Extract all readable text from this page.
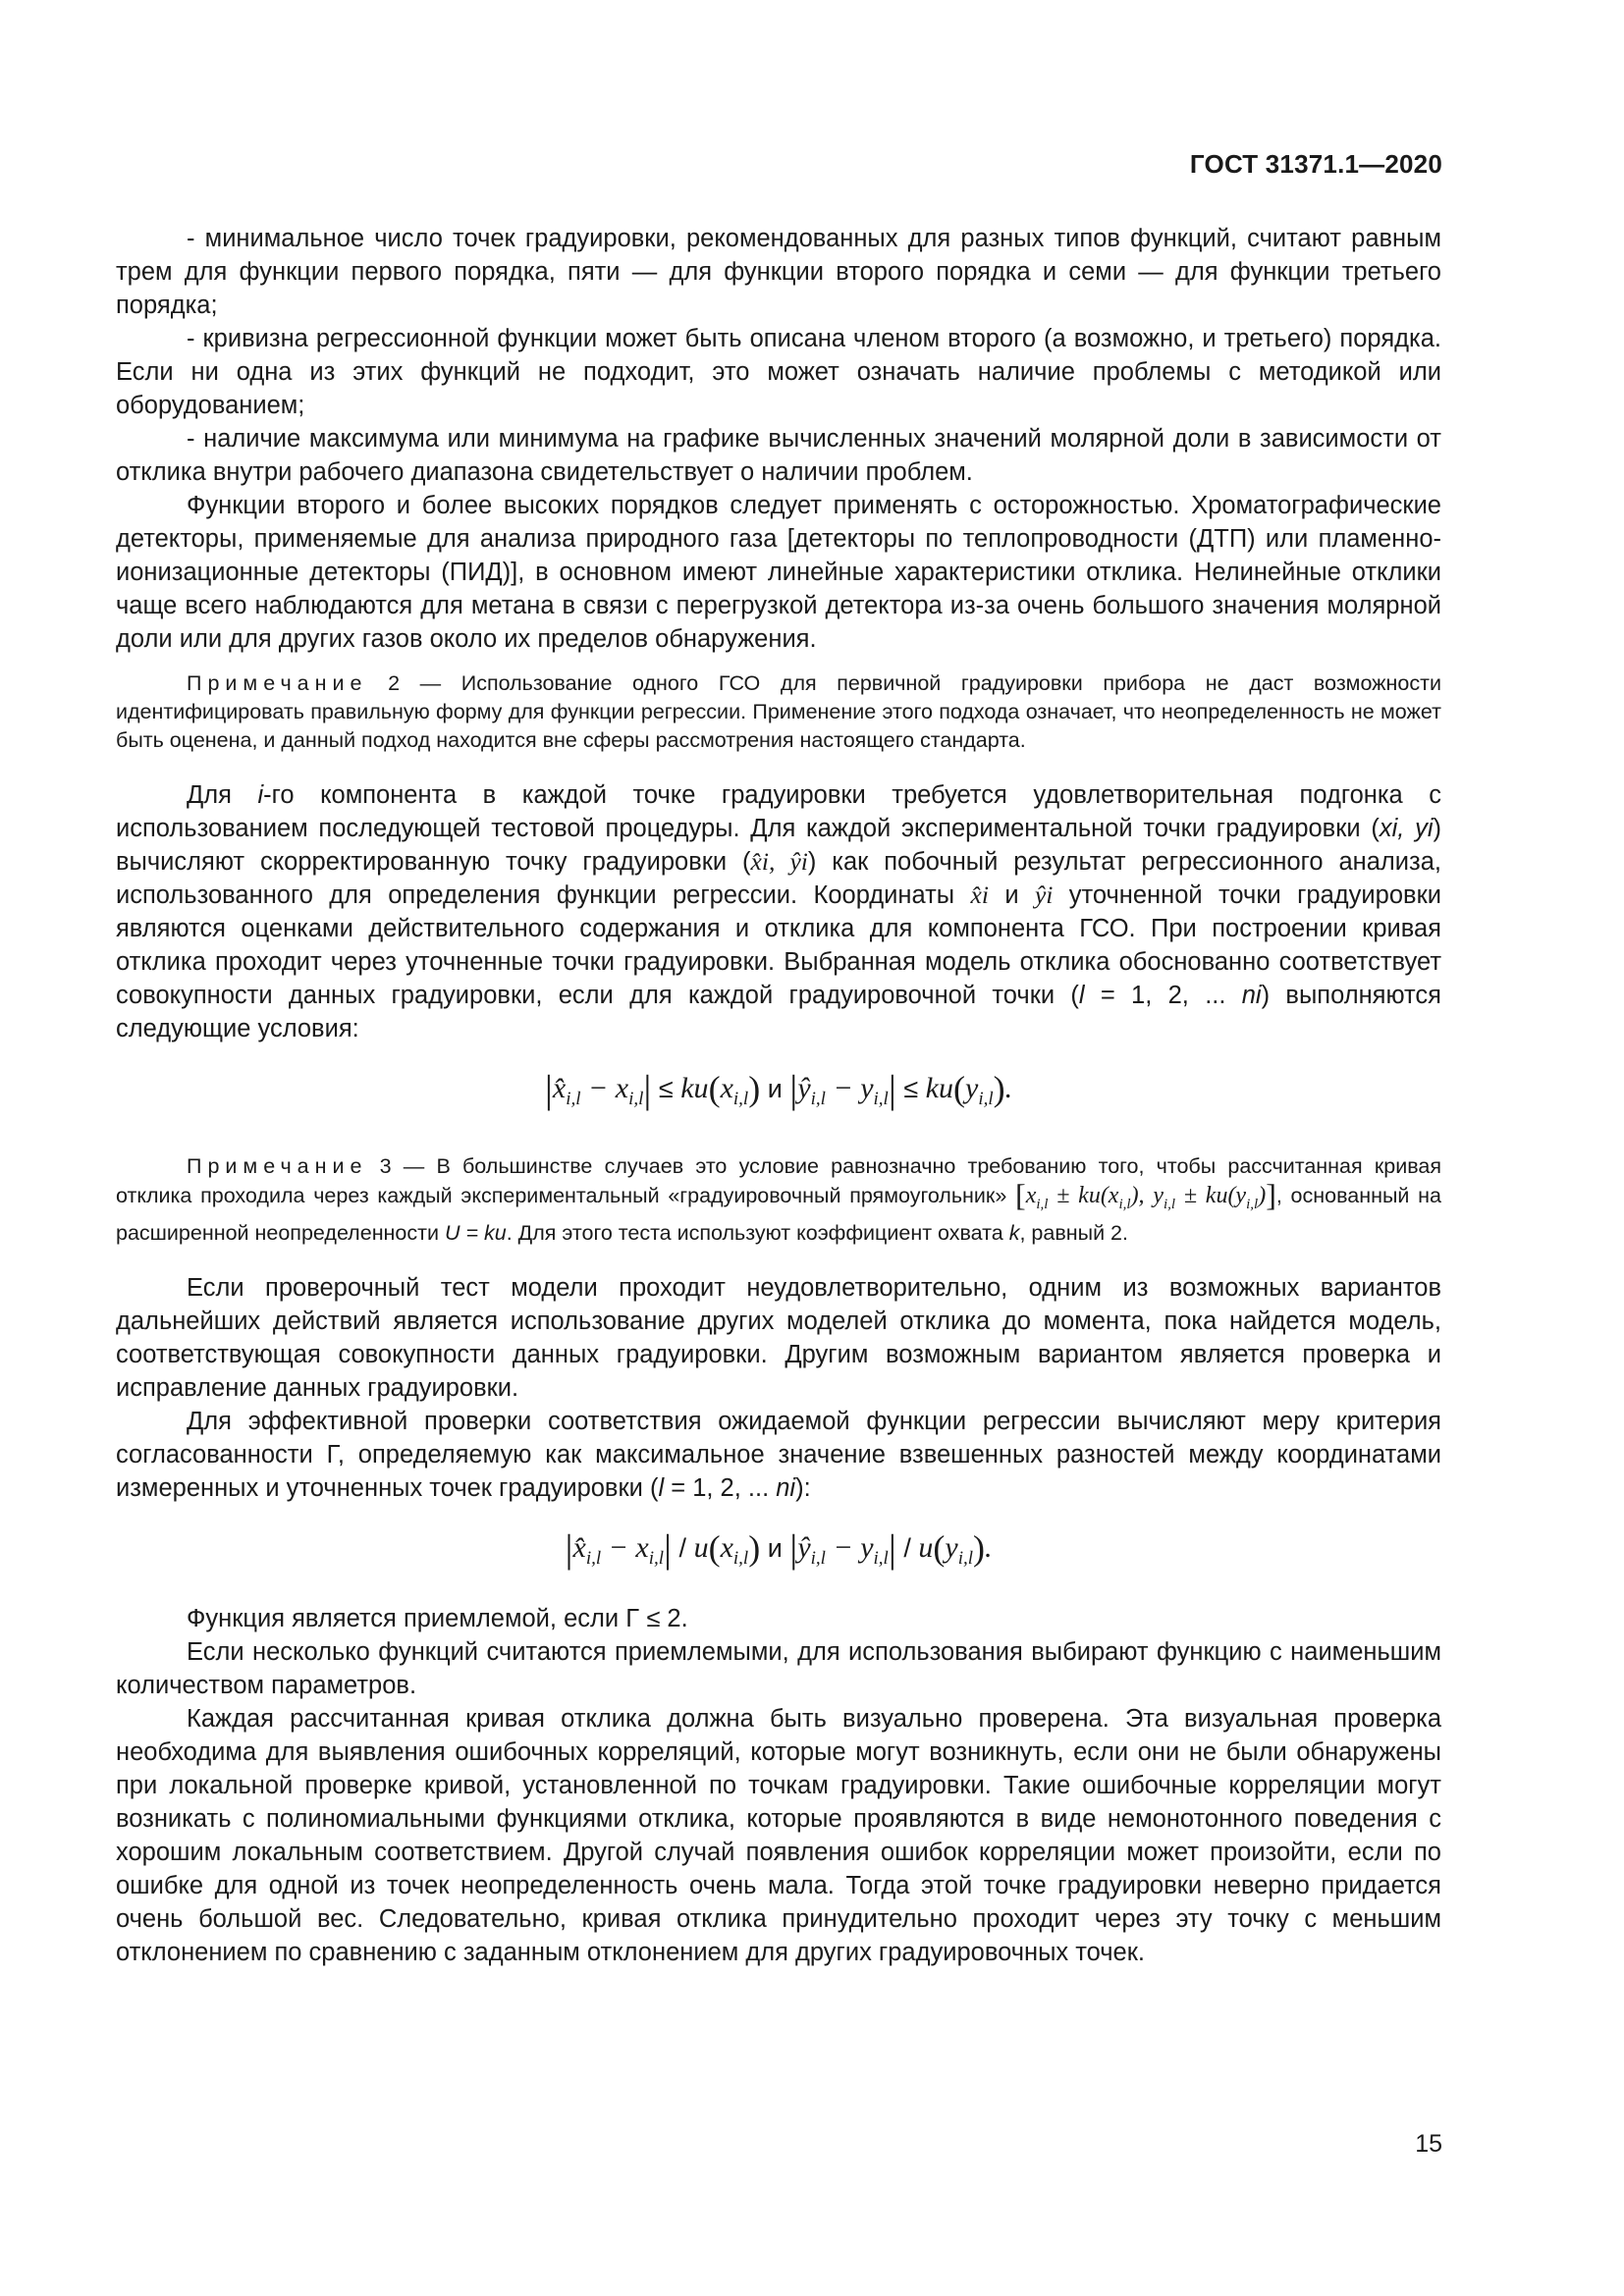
ГОСТ 31371.1—2020

- минимальное число точек градуировки, рекомендованных для разных типов функций, считают равным трем для функции первого порядка, пяти — для функции второго порядка и семи — для функции третьего порядка;

- кривизна регрессионной функции может быть описана членом второго (а возможно, и третьего) порядка. Если ни одна из этих функций не подходит, это может означать наличие проблемы с методикой или оборудованием;

- наличие максимума или минимума на графике вычисленных значений молярной доли в зависимости от отклика внутри рабочего диапазона свидетельствует о наличии проблем.

Функции второго и более высоких порядков следует применять с осторожностью. Хроматографические детекторы, применяемые для анализа природного газа [детекторы по теплопроводности (ДТП) или пламенно-ионизационные детекторы (ПИД)], в основном имеют линейные характеристики отклика. Нелинейные отклики чаще всего наблюдаются для метана в связи с перегрузкой детектора из-за очень большого значения молярной доли или для других газов около их пределов обнаружения.

Примечание 2 — Использование одного ГСО для первичной градуировки прибора не даст возможности идентифицировать правильную форму для функции регрессии. Применение этого подхода означает, что неопределенность не может быть оценена, и данный подход находится вне сферы рассмотрения настоящего стандарта.

Для i-го компонента в каждой точке градуировки требуется удовлетворительная подгонка с использованием последующей тестовой процедуры. Для каждой экспериментальной точки градуировки (xi, yi) вычисляют скорректированную точку градуировки (x̂i, ŷi) как побочный результат регрессионного анализа, использованного для определения функции регрессии. Координаты x̂i и ŷi уточненной точки градуировки являются оценками действительного содержания и отклика для компонента ГСО. При построении кривая отклика проходит через уточненные точки градуировки. Выбранная модель отклика обоснованно соответствует совокупности данных градуировки, если для каждой градуировочной точки (l = 1, 2, ... ni) выполняются следующие условия:

$|x̂_{i,l} - x_{i,l}| \le ku(x_{i,l})$ и $|ŷ_{i,l} - y_{i,l}| \le ku(y_{i,l})$.

Примечание 3 — В большинстве случаев это условие равнозначно требованию того, чтобы рассчитанная кривая отклика проходила через каждый экспериментальный «градуировочный прямоугольник» [$x_{i,l} \pm ku(x_{i,l})$, $y_{i,l} \pm ku(y_{i,l})$], основанный на расширенной неопределенности U = ku. Для этого теста используют коэффициент охвата k, равный 2.

Если проверочный тест модели проходит неудовлетворительно, одним из возможных вариантов дальнейших действий является использование других моделей отклика до момента, пока найдется модель, соответствующая совокупности данных градуировки. Другим возможным вариантом является проверка и исправление данных градуировки.

Для эффективной проверки соответствия ожидаемой функции регрессии вычисляют меру критерия согласованности Γ, определяемую как максимальное значение взвешенных разностей между координатами измеренных и уточненных точек градуировки (l = 1, 2, ... ni):

$|x̂_{i,l} - x_{i,l}| / u(x_{i,l})$ и $|ŷ_{i,l} - y_{i,l}| / u(y_{i,l})$.

Функция является приемлемой, если Γ ≤ 2.

Если несколько функций считаются приемлемыми, для использования выбирают функцию с наименьшим количеством параметров.

Каждая рассчитанная кривая отклика должна быть визуально проверена. Эта визуальная проверка необходима для выявления ошибочных корреляций, которые могут возникнуть, если они не были обнаружены при локальной проверке кривой, установленной по точкам градуировки. Такие ошибочные корреляции могут возникать с полиномиальными функциями отклика, которые проявляются в виде немонотонного поведения с хорошим локальным соответствием. Другой случай появления ошибок корреляции может произойти, если по ошибке для одной из точек неопределенность очень мала. Тогда этой точке градуировки неверно придается очень большой вес. Следовательно, кривая отклика принудительно проходит через эту точку с меньшим отклонением по сравнению с заданным отклонением для других градуировочных точек.

15
